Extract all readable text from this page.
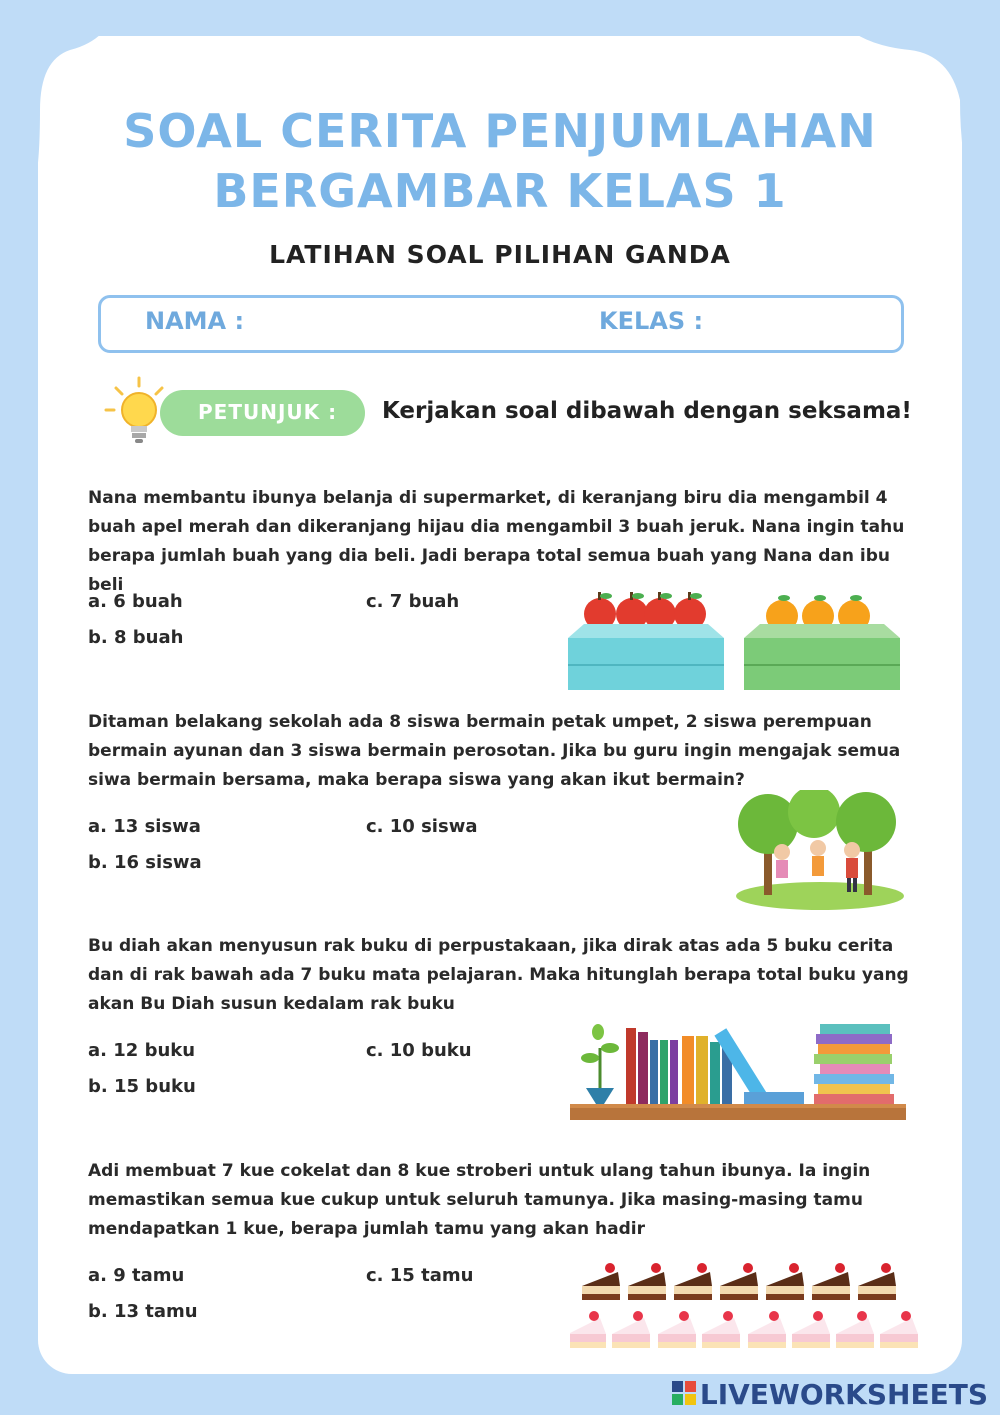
SOAL CERITA PENJUMLAHAN
BERGAMBAR KELAS 1
LATIHAN SOAL PILIHAN GANDA
NAMA :	KELAS :
PETUNJUK : Kerjakan soal dibawah dengan seksama!
Nana membantu ibunya belanja di supermarket, di keranjang biru dia mengambil 4 buah apel merah dan dikeranjang hijau dia mengambil 3 buah jeruk. Nana ingin tahu berapa jumlah buah yang dia beli. Jadi berapa total semua buah yang Nana dan ibu beli
a. 6 buah
b. 8 buah
c. 7 buah
Ditaman belakang sekolah ada 8 siswa bermain petak umpet, 2 siswa perempuan bermain ayunan dan 3 siswa bermain perosotan. Jika bu guru ingin mengajak semua siwa bermain bersama, maka berapa siswa yang akan ikut bermain?
a. 13 siswa
b. 16 siswa
c. 10 siswa
Bu diah akan menyusun rak buku di perpustakaan, jika dirak atas ada 5 buku cerita dan di rak bawah ada 7 buku mata pelajaran. Maka hitunglah berapa total buku yang akan Bu Diah susun kedalam rak buku
a. 12 buku
b. 15 buku
c. 10 buku
Adi membuat 7 kue cokelat dan 8 kue stroberi untuk ulang tahun ibunya. Ia ingin memastikan semua kue cukup untuk seluruh tamunya. Jika masing-masing tamu mendapatkan 1 kue, berapa jumlah tamu yang akan hadir
a. 9 tamu
b. 13 tamu
c. 15 tamu
LIVEWORKSHEETS
